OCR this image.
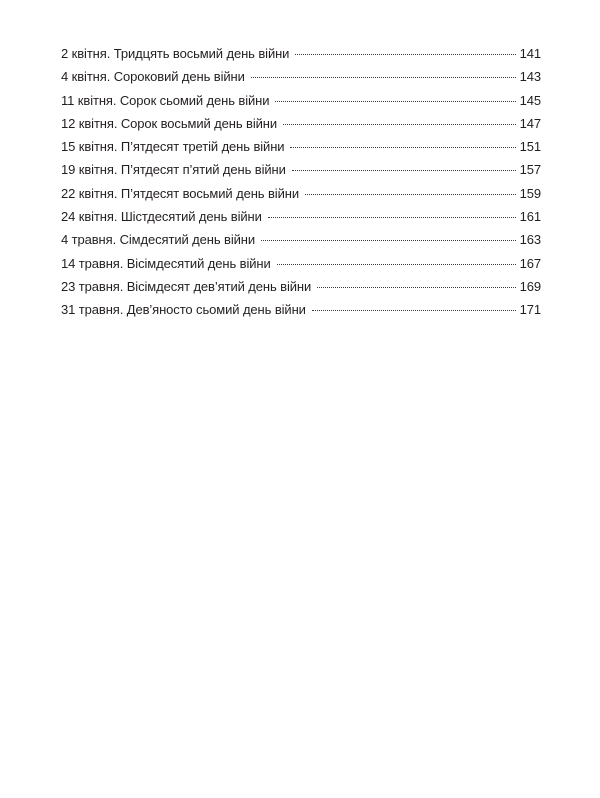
2 квітня. Тридцять восьмий день війни	141
4 квітня. Сороковий день війни	143
11 квітня. Сорок сьомий день війни	145
12 квітня. Сорок восьмий день війни	147
15 квітня. П’ятдесят третій день війни	151
19 квітня. П’ятдесят п’ятий день війни	157
22 квітня. П’ятдесят восьмий день війни	159
24 квітня. Шістдесятий день війни	161
4 травня. Сімдесятий день війни	163
14 травня. Вісімдесятий день війни	167
23 травня. Вісімдесят дев’ятий день війни	169
31 травня. Дев’яносто сьомий день війни	171
